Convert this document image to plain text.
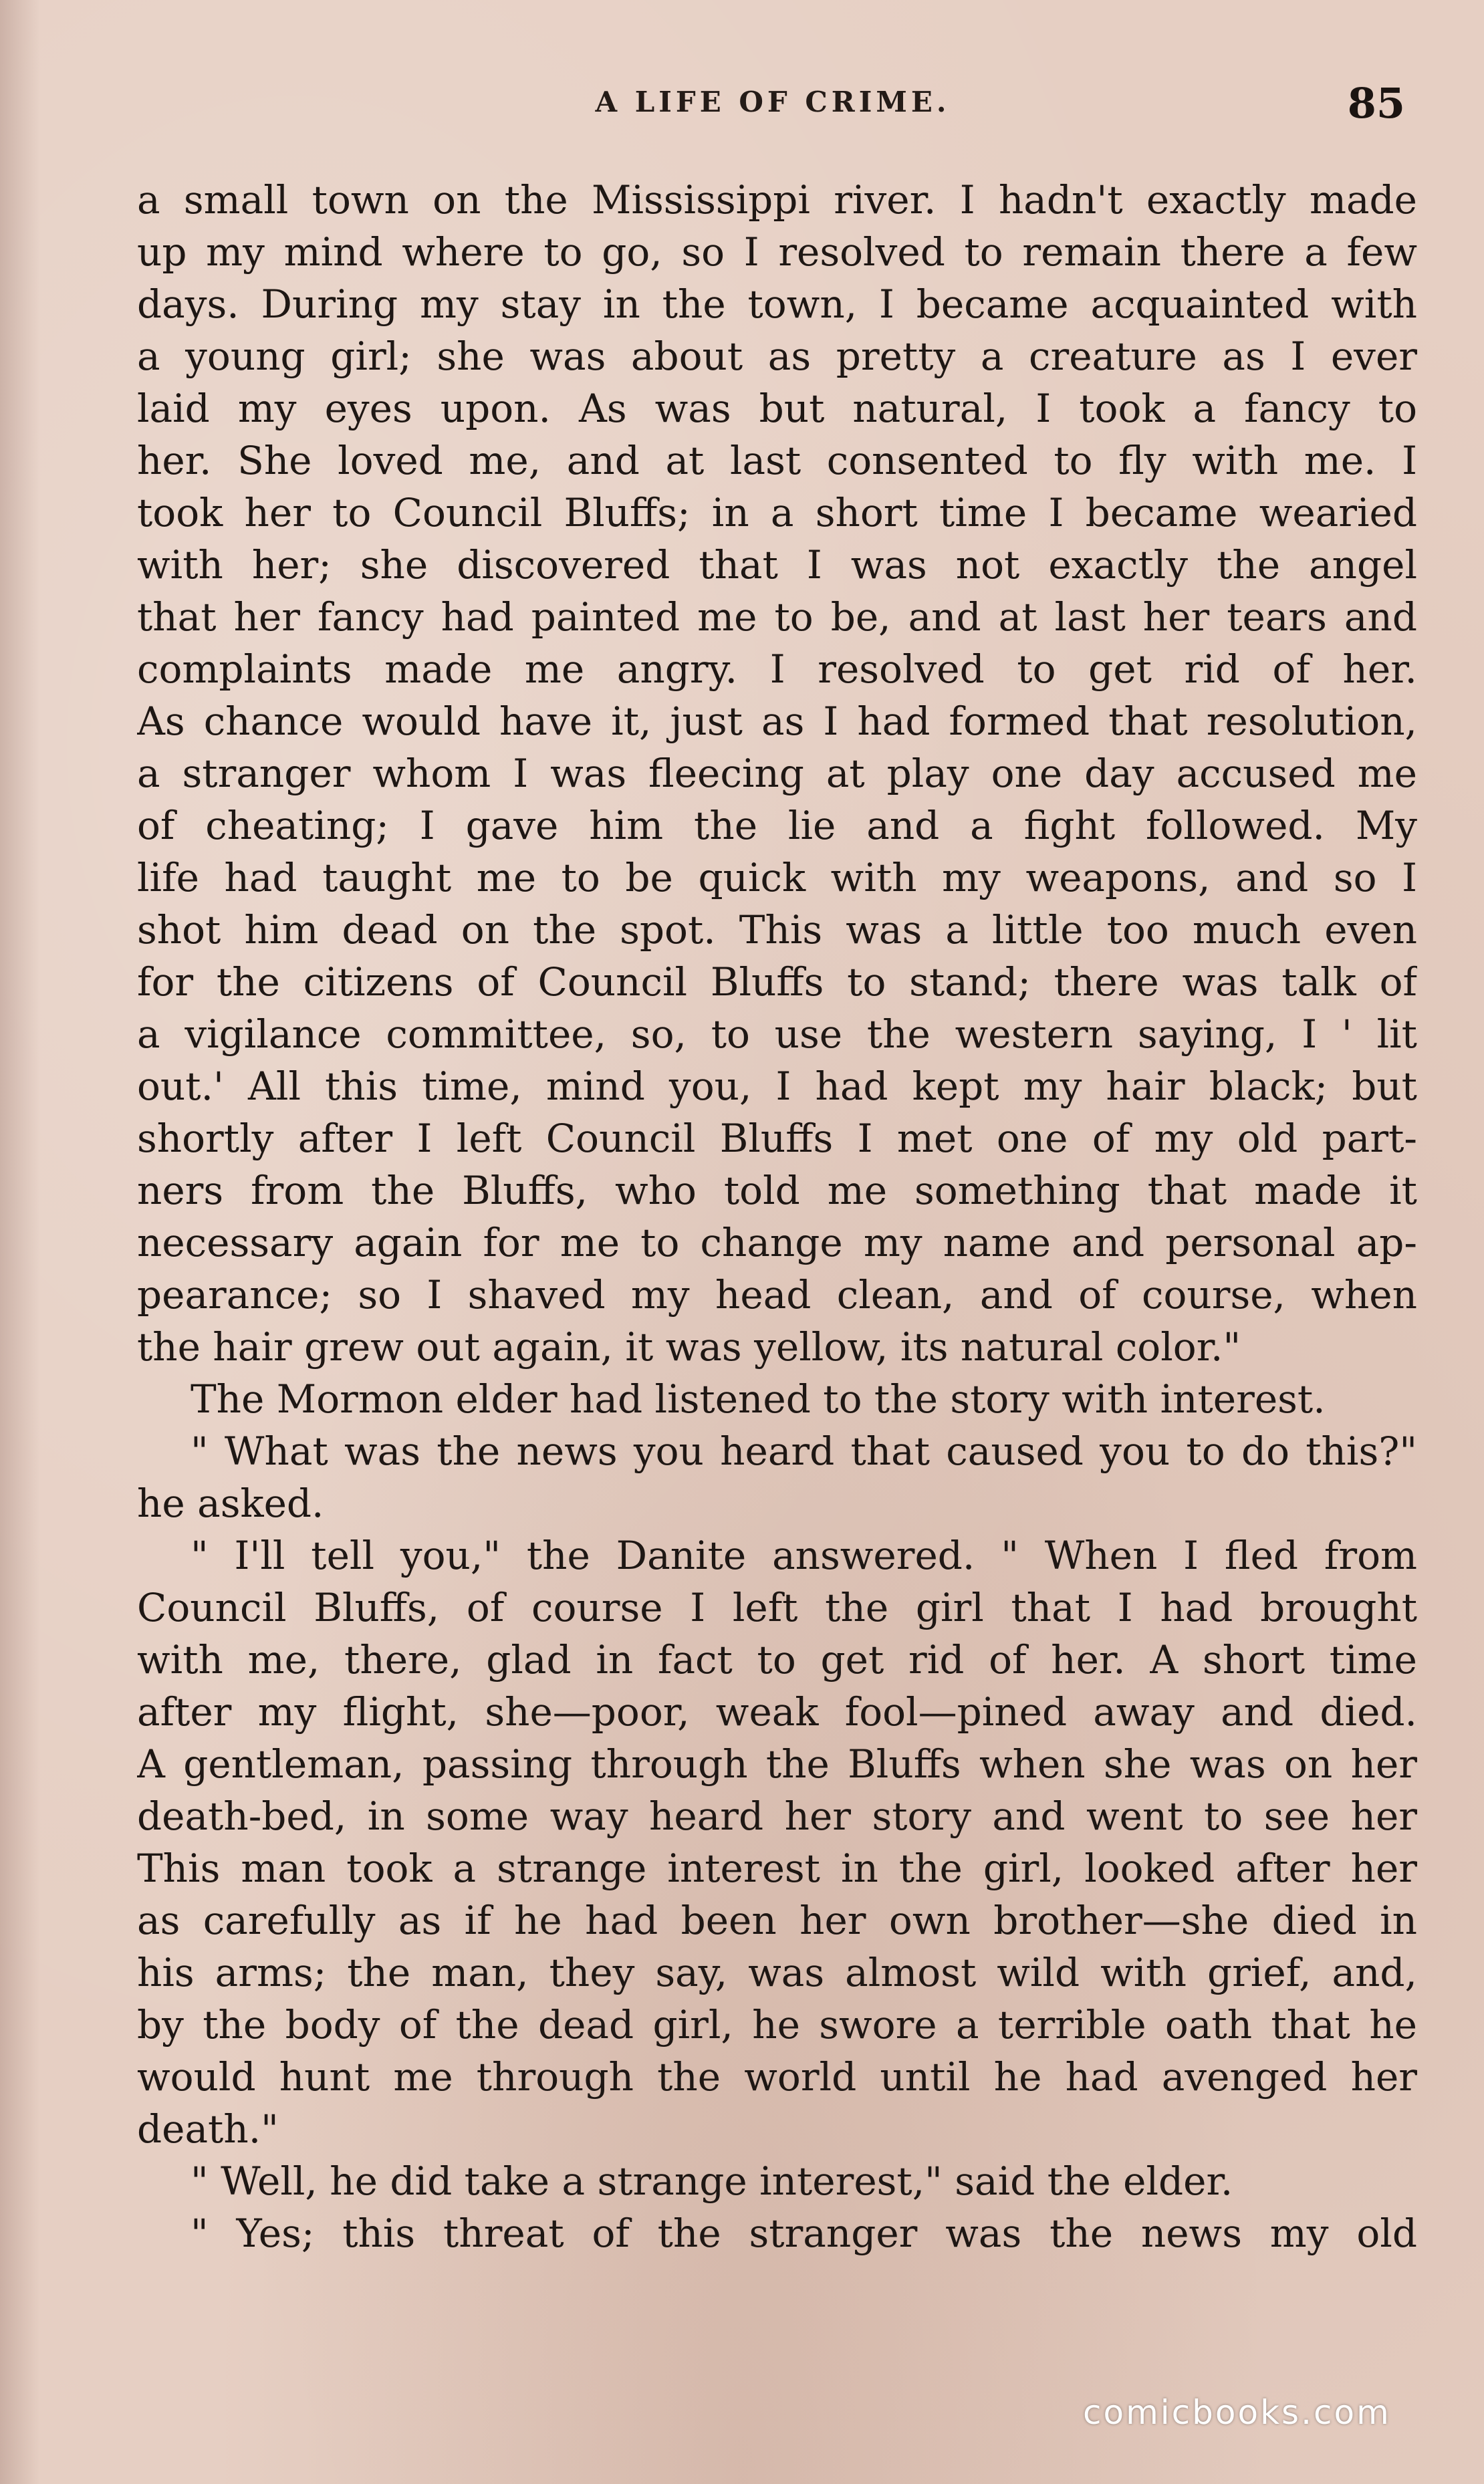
A LIFE OF CRIME.	85
a small town on the Mississippi river. I hadn't exactly made
up my mind where to go, so I resolved to remain there a few
days. During my stay in the town, I became acquainted with
a young girl; she was about as pretty a creature as I ever
laid my eyes upon. As was but natural, I took a fancy to
her. She loved me, and at last consented to fly with me. I
took her to Council Bluffs; in a short time I became wearied
with her; she discovered that I was not exactly the angel
that her fancy had painted me to be, and at last her tears and
complaints made me angry. I resolved to get rid of her.
As chance would have it, just as I had formed that resolution,
a stranger whom I was fleecing at play one day accused me
of cheating; I gave him the lie and a fight followed. My
life had taught me to be quick with my weapons, and so I
shot him dead on the spot. This was a little too much even
for the citizens of Council Bluffs to stand; there was talk of
a vigilance committee, so, to use the western saying, I ' lit
out.' All this time, mind you, I had kept my hair black; but
shortly after I left Council Bluffs I met one of my old part-
ners from the Bluffs, who told me something that made it
necessary again for me to change my name and personal ap-
pearance; so I shaved my head clean, and of course, when
the hair grew out again, it was yellow, its natural color."
The Mormon elder had listened to the story with interest.
" What was the news you heard that caused you to do this?"
he asked.
" I'll tell you," the Danite answered. " When I fled from
Council Bluffs, of course I left the girl that I had brought
with me, there, glad in fact to get rid of her. A short time
after my flight, she—poor, weak fool—pined away and died.
A gentleman, passing through the Bluffs when she was on her
death-bed, in some way heard her story and went to see her
This man took a strange interest in the girl, looked after her
as carefully as if he had been her own brother—she died in
his arms; the man, they say, was almost wild with grief, and,
by the body of the dead girl, he swore a terrible oath that he
would hunt me through the world until he had avenged her
death."
" Well, he did take a strange interest," said the elder.
" Yes; this threat of the stranger was the news my old
comicbooks.com
